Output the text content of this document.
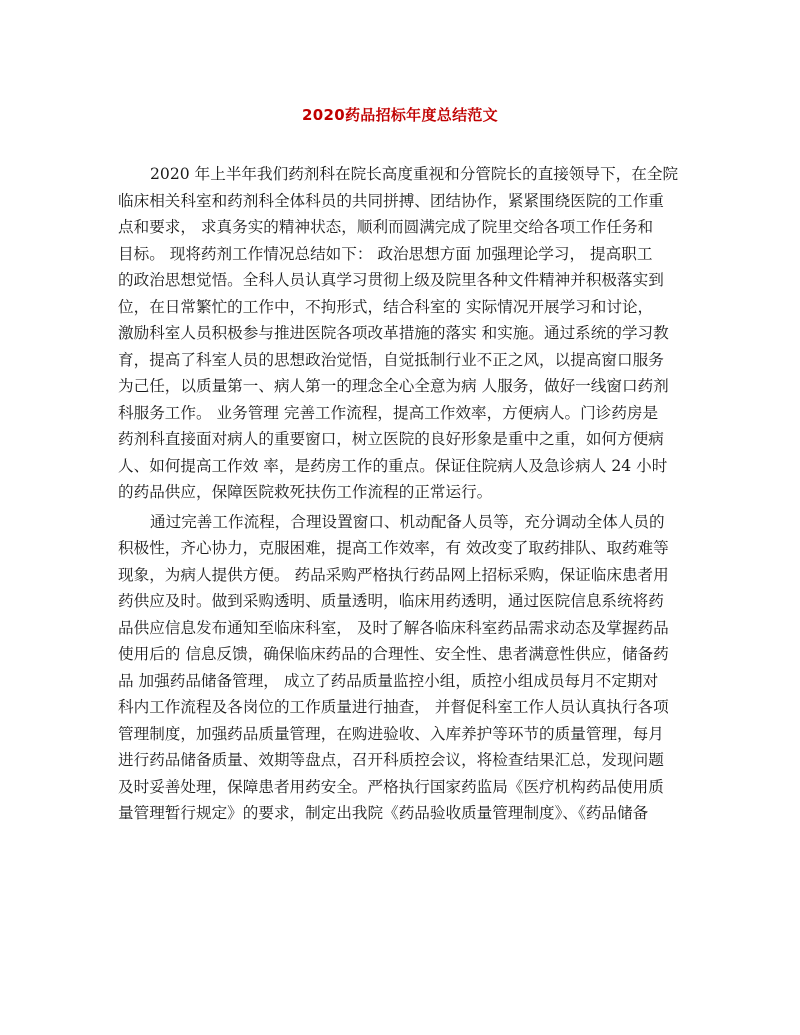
2020药品招标年度总结范文

2020 年上半年我们药剂科在院长高度重视和分管院长的直接领导下，在全院
临床相关科室和药剂科全体科员的共同拼搏、团结协作，紧紧围绕医院的工作重
点和要求， 求真务实的精神状态，顺利而圆满完成了院里交给各项工作任务和
目标。 现将药剂工作情况总结如下： 政治思想方面 加强理论学习， 提高职工
的政治思想觉悟。全科人员认真学习贯彻上级及院里各种文件精神并积极落实到
位，在日常繁忙的工作中，不拘形式，结合科室的 实际情况开展学习和讨论，
激励科室人员积极参与推进医院各项改革措施的落实 和实施。通过系统的学习教
育，提高了科室人员的思想政治觉悟，自觉抵制行业不正之风，以提高窗口服务
为己任，以质量第一、病人第一的理念全心全意为病 人服务，做好一线窗口药剂
科服务工作。 业务管理 完善工作流程，提高工作效率，方便病人。门诊药房是
药剂科直接面对病人的重要窗口，树立医院的良好形象是重中之重，如何方便病
人、如何提高工作效 率，是药房工作的重点。保证住院病人及急诊病人 24 小时
的药品供应，保障医院救死扶伤工作流程的正常运行。

通过完善工作流程，合理设置窗口、机动配备人员等，充分调动全体人员的
积极性，齐心协力，克服困难，提高工作效率，有 效改变了取药排队、取药难等
现象，为病人提供方便。 药品采购严格执行药品网上招标采购，保证临床患者用
药供应及时。做到采购透明、质量透明，临床用药透明，通过医院信息系统将药
品供应信息发布通知至临床科室， 及时了解各临床科室药品需求动态及掌握药品
使用后的 信息反馈，确保临床药品的合理性、安全性、患者满意性供应，储备药
品 加强药品储备管理， 成立了药品质量监控小组，质控小组成员每月不定期对
科内工作流程及各岗位的工作质量进行抽查， 并督促科室工作人员认真执行各项
管理制度，加强药品质量管理，在购进验收、入库养护等环节的质量管理，每月
进行药品储备质量、效期等盘点，召开科质控会议，将检查结果汇总，发现问题
及时妥善处理，保障患者用药安全。严格执行国家药监局《医疗机构药品使用质
量管理暂行规定》的要求，制定出我院《药品验收质量管理制度》、《药品储备
